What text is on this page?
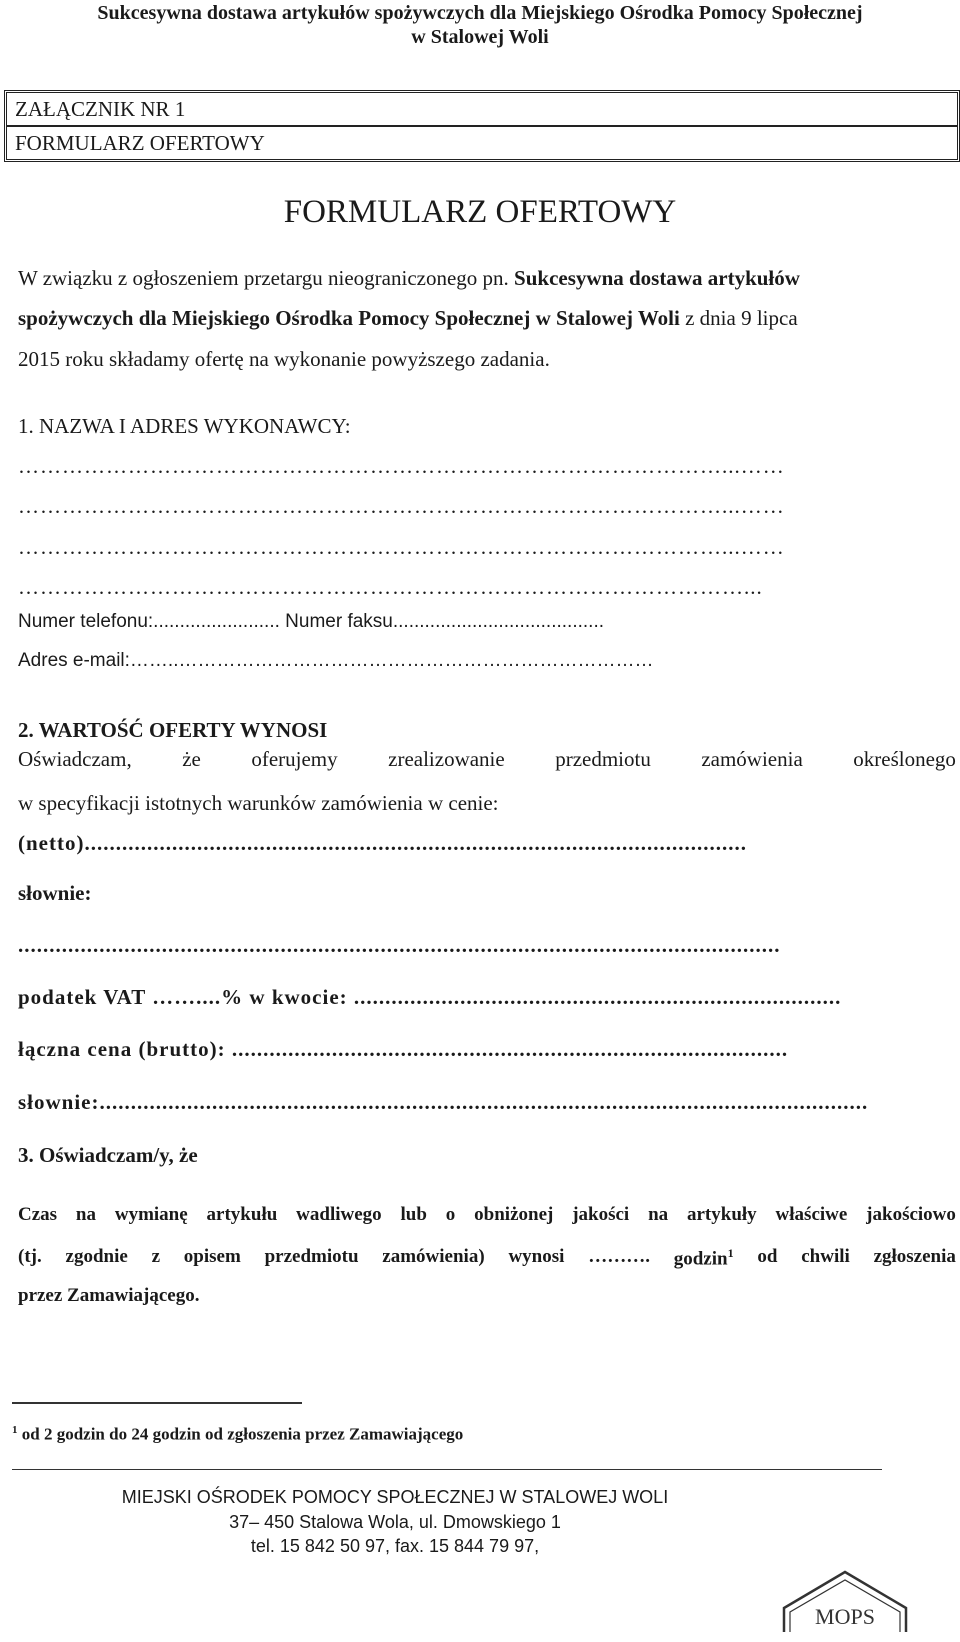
Sukcesywna dostawa artykułów spożywczych dla Miejskiego Ośrodka Pomocy Społecznej
w Stalowej Woli
ZAŁĄCZNIK NR 1
FORMULARZ OFERTOWY
FORMULARZ OFERTOWY
W związku z ogłoszeniem przetargu nieograniczonego pn. Sukcesywna dostawa artykułów
spożywczych dla Miejskiego Ośrodka Pomocy Społecznej w Stalowej Woli z dnia 9 lipca
2015 roku składamy ofertę na wykonanie powyższego zadania.
1. NAZWA I ADRES WYKONAWCY:
……………………………………………………………………………………...……
……………………………………………………………………………………...……
……………………………………………………………………………………...……
………………………………………………………………………………………...
Numer telefonu:........................ Numer faksu........................................
Adres e-mail:……..…………………………………………………………………
2. WARTOŚĆ OFERTY WYNOSI
Oświadczam, że oferujemy zrealizowanie przedmiotu zamówienia określonego
w specyfikacji istotnych warunków zamówienia w cenie:
(netto)..........................................................................................................
słownie:
..........................................................................................................................
podatek VAT ……....% w kwocie: ..............................................................................
łączna cena (brutto): .........................................................................................
słownie:...........................................................................................................................
3. Oświadczam/y, że
Czas na wymianę artykułu wadliwego lub o obniżonej jakości na artykuły właściwe jakościowo
(tj. zgodnie z opisem przedmiotu zamówienia) wynosi ………. godzin$^1$ od chwili zgłoszenia
przez Zamawiającego.
$^1$ od 2 godzin do 24 godzin od zgłoszenia przez Zamawiającego
MIEJSKI OŚRODEK POMOCY SPOŁECZNEJ W STALOWEJ WOLI
37– 450 Stalowa Wola, ul. Dmowskiego 1
tel. 15 842 50 97, fax. 15 844 79 97,
MOPS
